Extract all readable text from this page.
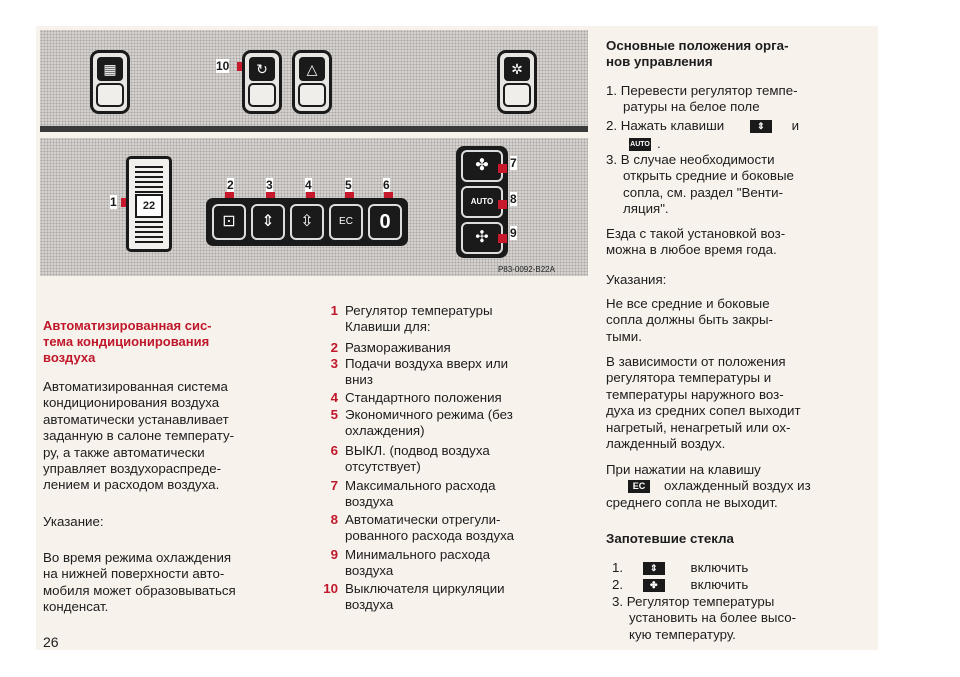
▦	10	↻	△	✲
1	22
2	3	4	5	6
⊡	⇕	⇳	EC	0
✤
AUTO
✣
7
8
9
P83-0092-B22A
Автоматизированная сис-
тема кондиционирования
воздуха
Автоматизированная система
кондиционирования воздуха
автоматически устанавливает
заданную в салоне температу-
ру, а также автоматически
управляет воздухораспреде-
лением и расходом воздуха.
Указание:
Во время режима охлаждения
на нижней поверхности авто-
мобиля может образовываться
конденсат.
26
1 Регулятор температуры
Клавиши для:
2 Размораживания
3 Подачи воздуха вверх или
вниз
4 Стандартного положения
5 Экономичного режима (без
охлаждения)
6 ВЫКЛ. (подвод воздуха
отсутствует)
7 Максимального расхода
воздуха
8 Автоматически отрегули-
рованного расхода воздуха
9 Минимального расхода
воздуха
10 Выключателя циркуляции
воздуха
Основные положения орга-
нов управления
1. Перевести регулятор темпе-
ратуры на белое поле
2. Нажать клавиши	⇕ и
AUTO .
3. В случае необходимости
открыть средние и боковые
сопла, см. раздел "Венти-
ляция".
Езда с такой установкой воз-
можна в любое время года.
Указания:
Не все средние и боковые
сопла должны быть закры-
тыми.
В зависимости от положения
регулятора температуры и
температуры наружного воз-
духа из средних сопел выходит
нагретый, ненагретый или ох-
лажденный воздух.
При нажатии на клавишу
EC охлажденный воздух из
среднего сопла не выходит.
Запотевшие стекла
1.	⇕ включить
2.	✤ включить
3. Регулятор температуры
установить на более высо-
кую температуру.
